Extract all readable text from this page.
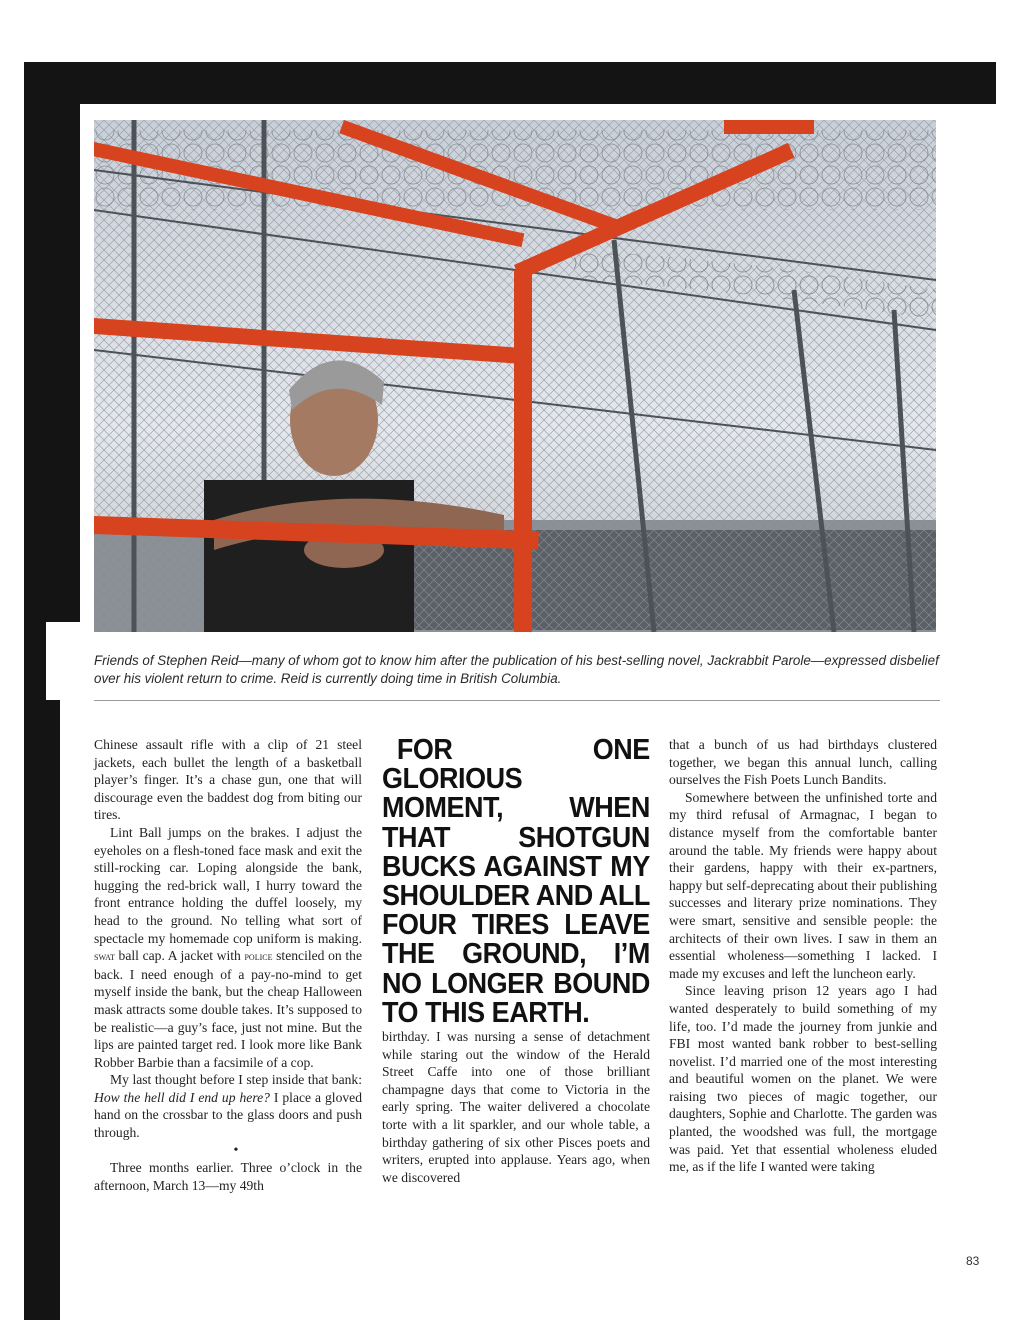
Friends of Stephen Reid—many of whom got to know him after the publication of his best-selling novel, Jackrabbit Parole—expressed disbelief over his violent return to crime. Reid is currently doing time in British Columbia.

Chinese assault rifle with a clip of 21 steel jackets, each bullet the length of a basketball player’s finger. It’s a chase gun, one that will discourage even the baddest dog from biting our tires.

Lint Ball jumps on the brakes. I adjust the eyeholes on a flesh-toned face mask and exit the still-rocking car. Loping alongside the bank, hugging the red-brick wall, I hurry toward the front entrance holding the duffel loosely, my head to the ground. No telling what sort of spectacle my homemade cop uniform is making. swat ball cap. A jacket with police stenciled on the back. I need enough of a pay-no-mind to get myself inside the bank, but the cheap Halloween mask attracts some double takes. It’s supposed to be realistic—a guy’s face, just not mine. But the lips are painted target red. I look more like Bank Robber Barbie than a facsimile of a cop.

My last thought before I step inside that bank: How the hell did I end up here? I place a gloved hand on the crossbar to the glass doors and push through.

•

Three months earlier. Three o’clock in the afternoon, March 13—my 49th

FOR ONE GLORIOUS MOMENT, WHEN THAT SHOTGUN BUCKS AGAINST MY SHOULDER AND ALL FOUR TIRES LEAVE THE GROUND, I’M NO LONGER BOUND TO THIS EARTH.

birthday. I was nursing a sense of detachment while staring out the window of the Herald Street Caffe into one of those brilliant champagne days that come to Victoria in the early spring. The waiter delivered a chocolate torte with a lit sparkler, and our whole table, a birthday gathering of six other Pisces poets and writers, erupted into applause. Years ago, when we discovered

that a bunch of us had birthdays clustered together, we began this annual lunch, calling ourselves the Fish Poets Lunch Bandits.

Somewhere between the unfinished torte and my third refusal of Armagnac, I began to distance myself from the comfortable banter around the table. My friends were happy about their gardens, happy with their ex-partners, happy but self-deprecating about their publishing successes and literary prize nominations. They were smart, sensitive and sensible people: the architects of their own lives. I saw in them an essential wholeness—something I lacked. I made my excuses and left the luncheon early.

Since leaving prison 12 years ago I had wanted desperately to build something of my life, too. I’d made the journey from junkie and FBI most wanted bank robber to best-selling novelist. I’d married one of the most interesting and beautiful women on the planet. We were raising two pieces of magic together, our daughters, Sophie and Charlotte. The garden was planted, the woodshed was full, the mortgage was paid. Yet that essential wholeness eluded me, as if the life I wanted were taking

83
